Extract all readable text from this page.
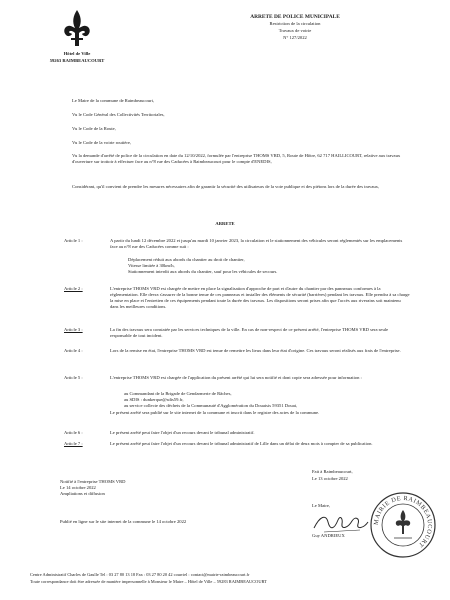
Hôtel de Ville
59263 RAIMBEAUCOURT
ARRETE DE POLICE MUNICIPALE
Restriction de la circulation
Travaux de voirie
N° 127/2022
Le Maire de la commune de Raimbeaucourt,
Vu le Code Général des Collectivités Territoriales,
Vu le Code de la Route,
Vu le Code de la voirie routière,
Vu la demande d'arrêté de police de la circulation en date du 12/10/2022, formulée par l'entreprise THOMS VRD, 5, Route de Hôtre, 62 717 HAILLICOURT, relative aux travaux d'ouverture sur trottoir à effectuer face au n°8 rue des Caducées à Raimbeaucourt pour le compte d'ENEDIS,
Considérant, qu'il convient de prendre les mesures nécessaires afin de garantir la sécurité des utilisateurs de la voie publique et des piétons lors de la durée des travaux,
ARRETE
Article 1 :	A partir du lundi 12 décembre 2022 et jusqu'au mardi 10 janvier 2023, la circulation et le stationnement des véhicules seront réglementés sur les emplacements face au n°8 rue des Caducées comme suit :
Déplacement réduit aux abords du chantier au droit de chantier,
Vitesse limitée à 30km/h,
Stationnement interdit aux abords du chantier, sauf pour les véhicules de secours.
Article 2 :	L'entreprise THOMS VRD est chargée de mettre en place la signalisation d'approche de part et d'autre du chantier par des panneaux conformes à la réglementation. Elle devra s'assurer de la bonne tenue de ces panneaux et installer des éléments de sécurité (barrières) pendant les travaux. Elle prendra à sa charge la mise en place et l'entretien de ces équipements pendant toute la durée des travaux. Les dispositions seront prises afin que l'accès aux riverains soit maintenu dans les meilleures conditions.
Article 3 :	La fin des travaux sera constatée par les services techniques de la ville. En cas de non-respect de ce présent arrêté, l'entreprise THOMS VRD sera seule responsable de tout incident.
Article 4 :	Lors de la remise en état, l'entreprise THOMS VRD est tenue de remettre les lieux dans leur état d'origine. Ces travaux seront réalisés aux frais de l'entreprise.
Article 5 :	L'entreprise THOMS VRD est chargée de l'application du présent arrêté qui lui sera notifié et dont copie sera adressée pour information :
au Commandant de la Brigade de Gendarmerie de Râches,
au SDIS : dunkerque@sdis59.fr,
au service collecte des déchets de la Communauté d'Agglomération du Douaisis 59351 Douai,
Le présent arrêté sera publié sur le site internet de la commune et inscrit dans le registre des actes de la commune.
Article 6 :	Le présent arrêté peut faire l'objet d'un recours devant le tribunal administratif.
Article 7 :	Le présent arrêté peut faire l'objet d'un recours devant le tribunal administratif de Lille dans un délai de deux mois à compter de sa publication.
Notifié à l'entreprise THOMS VRD
Le 14 octobre 2022
Ampliations et diffusion
Fait à Raimbeaucourt,
Le 13 octobre 2022
Le Maire,
Guy ANDRIEUX
MAIRIE DE RAIMBEAUCOURT
Publié en ligne sur le site internet de la commune le 14 octobre 2022
Centre Administratif Charles de Gaulle Tel : 03 27 80 13 18 Fax : 03 27 80 20 42 courriel : contact@mairie-raimbeaucourt.fr
Toute correspondance doit être adressée de manière impersonnelle à Monsieur le Maire – Hôtel de Ville – 59283 RAIMBEAUCOURT
